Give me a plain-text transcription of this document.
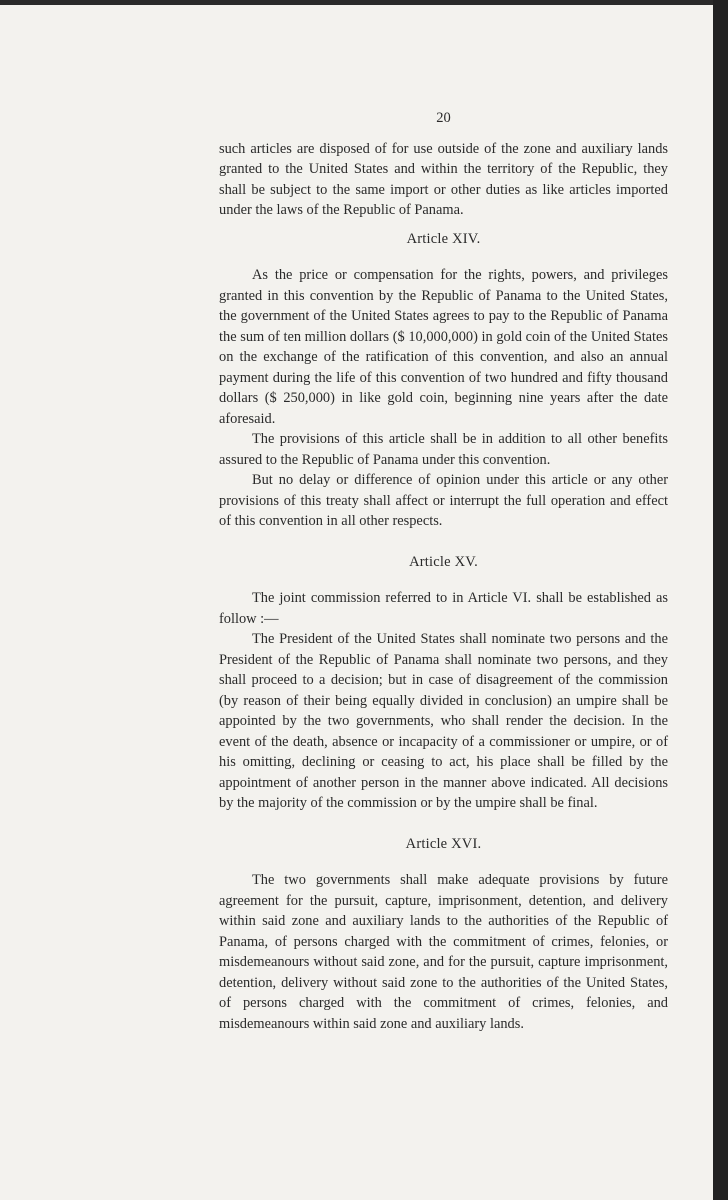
20

such articles are disposed of for use outside of the zone and auxiliary lands granted to the United States and within the territory of the Republic, they shall be subject to the same import or other duties as like articles imported under the laws of the Republic of Panama.

Article XIV.

As the price or compensation for the rights, powers, and privileges granted in this convention by the Republic of Panama to the United States, the government of the United States agrees to pay to the Republic of Panama the sum of ten million dollars ($ 10,000,000) in gold coin of the United States on the exchange of the ratification of this convention, and also an annual payment during the life of this convention of two hundred and fifty thousand dollars ($ 250,000) in like gold coin, beginning nine years after the date aforesaid.

The provisions of this article shall be in addition to all other benefits assured to the Republic of Panama under this convention.

But no delay or difference of opinion under this article or any other provisions of this treaty shall affect or interrupt the full operation and effect of this convention in all other respects.

Article XV.

The joint commission referred to in Article VI. shall be established as follow :—

The President of the United States shall nominate two persons and the President of the Republic of Panama shall nominate two persons, and they shall proceed to a decision; but in case of disagreement of the commission (by reason of their being equally divided in conclusion) an umpire shall be appointed by the two governments, who shall render the decision. In the event of the death, absence or incapacity of a commissioner or umpire, or of his omitting, declining or ceasing to act, his place shall be filled by the appointment of another person in the manner above indicated. All decisions by the majority of the commission or by the umpire shall be final.

Article XVI.

The two governments shall make adequate provisions by future agreement for the pursuit, capture, imprisonment, detention, and delivery within said zone and auxiliary lands to the authorities of the Republic of Panama, of persons charged with the commitment of crimes, felonies, or misdemeanours without said zone, and for the pursuit, capture imprisonment, detention, delivery without said zone to the authorities of the United States, of persons charged with the commitment of crimes, felonies, and misdemeanours within said zone and auxiliary lands.
